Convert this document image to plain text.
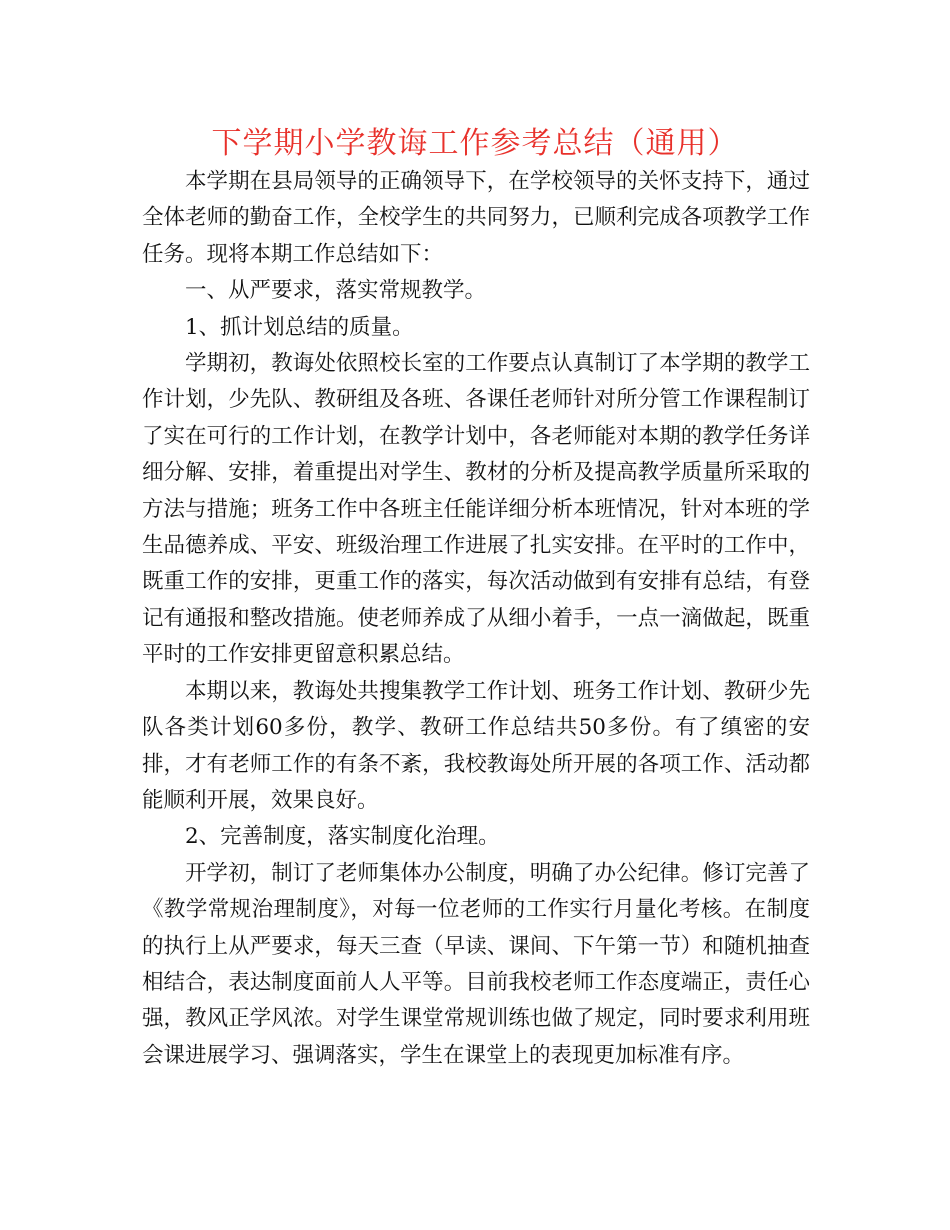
下学期小学教诲工作参考总结（通用）

本学期在县局领导的正确领导下，在学校领导的关怀支持下，通过全体老师的勤奋工作，全校学生的共同努力，已顺利完成各项教学工作任务。现将本期工作总结如下：

一、从严要求，落实常规教学。

1、抓计划总结的质量。

学期初，教诲处依照校长室的工作要点认真制订了本学期的教学工作计划，少先队、教研组及各班、各课任老师针对所分管工作课程制订了实在可行的工作计划，在教学计划中，各老师能对本期的教学任务详细分解、安排，着重提出对学生、教材的分析及提高教学质量所采取的方法与措施；班务工作中各班主任能详细分析本班情况，针对本班的学生品德养成、平安、班级治理工作进展了扎实安排。在平时的工作中，既重工作的安排，更重工作的落实，每次活动做到有安排有总结，有登记有通报和整改措施。使老师养成了从细小着手，一点一滴做起，既重平时的工作安排更留意积累总结。

本期以来，教诲处共搜集教学工作计划、班务工作计划、教研少先队各类计划60多份，教学、教研工作总结共50多份。有了缜密的安排，才有老师工作的有条不紊，我校教诲处所开展的各项工作、活动都能顺利开展，效果良好。

2、完善制度，落实制度化治理。

开学初，制订了老师集体办公制度，明确了办公纪律。修订完善了《教学常规治理制度》，对每一位老师的工作实行月量化考核。在制度的执行上从严要求，每天三查（早读、课间、下午第一节）和随机抽查相结合，表达制度面前人人平等。目前我校老师工作态度端正，责任心强，教风正学风浓。对学生课堂常规训练也做了规定，同时要求利用班会课进展学习、强调落实，学生在课堂上的表现更加标准有序。
